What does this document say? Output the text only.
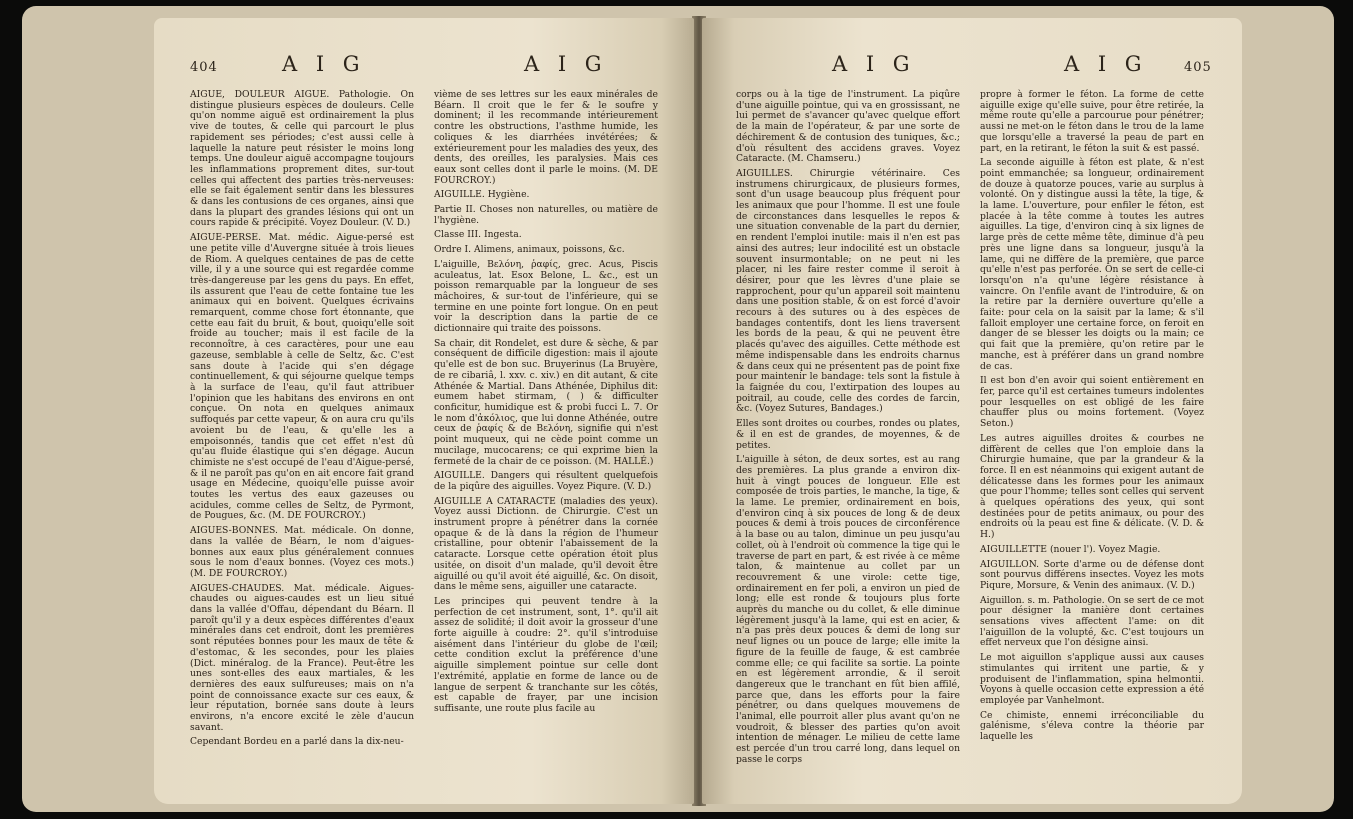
404	A I G	A I G

AIGUE, DOULEUR AIGUE. Pathologie. On distingue plusieurs espèces de douleurs. Celle qu'on nomme aiguë est ordinairement la plus vive de toutes, & celle qui parcourt le plus rapidement ses périodes; c'est aussi celle à laquelle la nature peut résister le moins long temps. Une douleur aiguë accompagne toujours les inflammations proprement dites, sur-tout celles qui affectent des parties très-nerveuses: elle se fait également sentir dans les blessures & dans les contusions de ces organes, ainsi que dans la plupart des grandes lésions qui ont un cours rapide & précipité. Voyez Douleur. (V. D.)

AIGUE-PERSE. Mat. médic. Aigue-persé est une petite ville d'Auvergne située à trois lieues de Riom. A quelques centaines de pas de cette ville, il y a une source qui est regardée comme très-dangereuse par les gens du pays. En effet, ils assurent que l'eau de cette fontaine tue les animaux qui en boivent. Quelques écrivains remarquent, comme chose fort étonnante, que cette eau fait du bruit, & bout, quoiqu'elle soit froide au toucher; mais il est facile de la reconnoître, à ces caractères, pour une eau gazeuse, semblable à celle de Seltz, &c. C'est sans doute à l'acide qui s'en dégage continuellement, & qui séjourne quelque temps à la surface de l'eau, qu'il faut attribuer l'opinion que les habitans des environs en ont conçue. On nota en quelques animaux suffoqués par cette vapeur, & on aura cru qu'ils avoient bu de l'eau, & qu'elle les a empoisonnés, tandis que cet effet n'est dû qu'au fluide élastique qui s'en dégage. Aucun chimiste ne s'est occupé de l'eau d'Aigue-persé, & il ne paroît pas qu'on en ait encore fait grand usage en Médecine, quoiqu'elle puisse avoir toutes les vertus des eaux gazeuses ou acidules, comme celles de Seltz, de Pyrmont, de Pougues, &c. (M. DE FOURCROY.)

AIGUES-BONNES. Mat. médicale. On donne, dans la vallée de Béarn, le nom d'aigues-bonnes aux eaux plus généralement connues sous le nom d'eaux bonnes. (Voyez ces mots.) (M. DE FOURCROY.)

AIGUES-CHAUDES. Mat. médicale. Aigues-chaudes ou aigues-caudes est un lieu situé dans la vallée d'Offau, dépendant du Béarn. Il paroît qu'il y a deux espèces différentes d'eaux minérales dans cet endroit, dont les premières sont réputées bonnes pour les maux de tête & d'estomac, & les secondes, pour les plaies (Dict. minéralog. de la France). Peut-être les unes sont-elles des eaux martiales, & les dernières des eaux sulfureuses; mais on n'a point de connoissance exacte sur ces eaux, & leur réputation, bornée sans doute à leurs environs, n'a encore excité le zèle d'aucun savant.

Cependant Bordeu en a parlé dans la dix-neu-

vième de ses lettres sur les eaux minérales de Béarn. Il croit que le fer & le soufre y dominent; il les recommande intérieurement contre les obstructions, l'asthme humide, les coliques & les diarrhées invétérées; & extérieurement pour les maladies des yeux, des dents, des oreilles, les paralysies. Mais ces eaux sont celles dont il parle le moins. (M. DE FOURCROY.)

AIGUILLE. Hygiène.

Partie II. Choses non naturelles, ou matière de l'hygiène.

Classe III. Ingesta.

Ordre I. Alimens, animaux, poissons, &c.

L'aiguille, Βελόνη, ῥαφίς, grec. Acus, Piscis aculeatus, lat. Esox Belone, L. &c., est un poisson remarquable par la longueur de ses mâchoires, & sur-tout de l'inférieure, qui se termine en une pointe fort longue. On en peut voir la description dans la partie de ce dictionnaire qui traite des poissons.

Sa chair, dit Rondelet, est dure & sèche, & par conséquent de difficile digestion: mais il ajoute qu'elle est de bon suc. Bruyerinus (La Bruyère, de re cibariâ, l. xxv. c. xiv.) en dit autant, & cite Athénée & Martial. Dans Athénée, Diphilus dit: eumem habet stirmam, ( ) & difficulter conficitur, humidique est & probi fucci L. 7. Or le nom d'ἀκόλιος, que lui donne Athénée, outre ceux de ῥαφίς & de Βελόνη, signifie qui n'est point muqueux, qui ne cède point comme un mucilage, mucocarens; ce qui exprime bien la fermeté de la chair de ce poisson. (M. HALLÉ.)

AIGUILLE. Dangers qui résultent quelquefois de la piqûre des aiguilles. Voyez Piqure. (V. D.)

AIGUILLE A CATARACTE (maladies des yeux). Voyez aussi Dictionn. de Chirurgie. C'est un instrument propre à pénétrer dans la cornée opaque & de là dans la région de l'humeur cristalline, pour obtenir l'abaissement de la cataracte. Lorsque cette opération étoit plus usitée, on disoit d'un malade, qu'il devoit être aiguillé ou qu'il avoit été aiguillé, &c. On disoit, dans le même sens, aiguiller une cataracte.

Les principes qui peuvent tendre à la perfection de cet instrument, sont, 1°. qu'il ait assez de solidité; il doit avoir la grosseur d'une forte aiguille à coudre: 2°. qu'il s'introduise aisément dans l'intérieur du globe de l'œil; cette condition exclut la préférence d'une aiguille simplement pointue sur celle dont l'extrémité, applatie en forme de lance ou de langue de serpent & tranchante sur les côtés, est capable de frayer, par une incision suffisante, une route plus facile au

A I G	A I G	405

corps ou à la tige de l'instrument. La piqûre d'une aiguille pointue, qui va en grossissant, ne lui permet de s'avancer qu'avec quelque effort de la main de l'opérateur, & par une sorte de déchirement & de contusion des tuniques, &c.; d'où résultent des accidens graves. Voyez Cataracte. (M. Chamseru.)

AIGUILLES. Chirurgie vétérinaire. Ces instrumens chirurgicaux, de plusieurs formes, sont d'un usage beaucoup plus fréquent pour les animaux que pour l'homme. Il est une foule de circonstances dans lesquelles le repos & une situation convenable de la part du dernier, en rendent l'emploi inutile: mais il n'en est pas ainsi des autres; leur indocilité est un obstacle souvent insurmontable; on ne peut ni les placer, ni les faire rester comme il seroit à désirer, pour que les lèvres d'une plaie se rapprochent, pour qu'un appareil soit maintenu dans une position stable, & on est forcé d'avoir recours à des sutures ou à des espèces de bandages contentifs, dont les liens traversent les bords de la peau, & qui ne peuvent être placés qu'avec des aiguilles. Cette méthode est même indispensable dans les endroits charnus & dans ceux qui ne présentent pas de point fixe pour maintenir le bandage: tels sont la fistule à la faignée du cou, l'extirpation des loupes au poitrail, au coude, celle des cordes de farcin, &c. (Voyez Sutures, Bandages.)

Elles sont droites ou courbes, rondes ou plates, & il en est de grandes, de moyennes, & de petites.

L'aiguille à séton, de deux sortes, est au rang des premières. La plus grande a environ dix-huit à vingt pouces de longueur. Elle est composée de trois parties, le manche, la tige, & la lame. Le premier, ordinairement en bois, d'environ cinq à six pouces de long & de deux pouces & demi à trois pouces de circonférence à la base ou au talon, diminue un peu jusqu'au collet, où à l'endroit où commence la tige qui le traverse de part en part, & est rivée à ce même talon, & maintenue au collet par un recouvrement & une virole: cette tige, ordinairement en fer poli, a environ un pied de long; elle est ronde & toujours plus forte auprès du manche ou du collet, & elle diminue légèrement jusqu'à la lame, qui est en acier, & n'a pas près deux pouces & demi de long sur neuf lignes ou un pouce de large; elle imite la figure de la feuille de fauge, & est cambrée comme elle; ce qui facilite sa sortie. La pointe en est légèrement arrondie, & il seroit dangereux que le tranchant en fût bien affilé, parce que, dans les efforts pour la faire pénétrer, ou dans quelques mouvemens de l'animal, elle pourroit aller plus avant qu'on ne voudroit, & blesser des parties qu'on avoit intention de ménager. Le milieu de cette lame est percée d'un trou carré long, dans lequel on passe le corps

propre à former le féton. La forme de cette aiguille exige qu'elle suive, pour être retirée, la même route qu'elle a parcourue pour pénétrer; aussi ne met-on le féton dans le trou de la lame que lorsqu'elle a traversé la peau de part en part, en la retirant, le féton la suit & est passé.

La seconde aiguille à féton est plate, & n'est point emmanchée; sa longueur, ordinairement de douze à quatorze pouces, varie au surplus à volonté. On y distingue aussi la tête, la tige, & la lame. L'ouverture, pour enfiler le féton, est placée à la tête comme à toutes les autres aiguilles. La tige, d'environ cinq à six lignes de large près de cette même tête, diminue d'à peu près une ligne dans sa longueur, jusqu'à la lame, qui ne diffère de la première, que parce qu'elle n'est pas perforée. On se sert de celle-ci lorsqu'on n'a qu'une légère résistance à vaincre. On l'enfile avant de l'introduire, & on la retire par la dernière ouverture qu'elle a faite: pour cela on la saisit par la lame; & s'il falloit employer une certaine force, on feroit en danger de se blesser les doigts ou la main; ce qui fait que la première, qu'on retire par le manche, est à préférer dans un grand nombre de cas.

Il est bon d'en avoir qui soient entièrement en fer, parce qu'il est certaines tumeurs indolentes pour lesquelles on est obligé de les faire chauffer plus ou moins fortement. (Voyez Seton.)

Les autres aiguilles droites & courbes ne diffèrent de celles que l'on emploie dans la Chirurgie humaine, que par la grandeur & la force. Il en est néanmoins qui exigent autant de délicatesse dans les formes pour les animaux que pour l'homme; telles sont celles qui servent à quelques opérations des yeux, qui sont destinées pour de petits animaux, ou pour des endroits où la peau est fine & délicate. (V. D. & H.)

AIGUILLETTE (nouer l'). Voyez Magie.

AIGUILLON. Sorte d'arme ou de défense dont sont pourvus différens insectes. Voyez les mots Piqure, Morsure, & Venin des animaux. (V. D.)

Aiguillon. s. m. Pathologie. On se sert de ce mot pour désigner la manière dont certaines sensations vives affectent l'ame: on dit l'aiguillon de la volupté, &c. C'est toujours un effet nerveux que l'on désigne ainsi.

Le mot aiguillon s'applique aussi aux causes stimulantes qui irritent une partie, & y produisent de l'inflammation, spina helmontii. Voyons à quelle occasion cette expression a été employée par Vanhelmont.

Ce chimiste, ennemi irréconciliable du galénisme, s'éleva contre la théorie par laquelle les
